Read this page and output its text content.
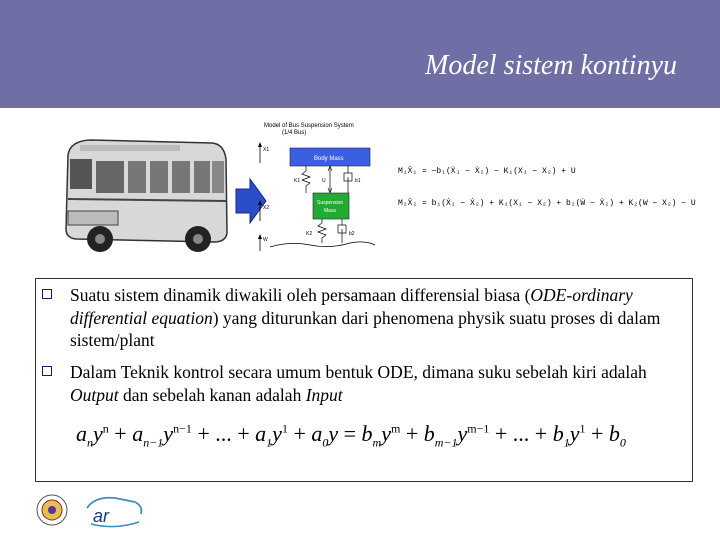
Model sistem kontinyu
Model of Bus Suspension System
(1/4 Bus)
X1
Body Mass
K1	U	b1
X2
Suspension
Mass
K2	b2
W
M₁Ẍ₁ = −b₁(Ẋ₁ − Ẋ₂) − K₁(X₁ − X₂) + U
M₂Ẍ₂ = b₁(Ẋ₁ − Ẋ₂) + K₁(X₁ − X₂) + b₂(Ẇ − Ẋ₂) + K₂(W − X₂) − U
Suatu sistem dinamik diwakili oleh persamaan differensial biasa (ODE-ordinary differential equation) yang diturunkan dari phenomena physik suatu proses di dalam sistem/plant
Dalam Teknik kontrol secara umum bentuk ODE, dimana suku sebelah kiri adalah Output dan sebelah kanan adalah Input
$a_ny^n + a_{n-1}y^{n-1}$ + ... + $a_1y^1 + a_0y = b_my^m + b_{m-1}y^{m-1}$ + ... + $b_1y^1 + b_0$
ar
